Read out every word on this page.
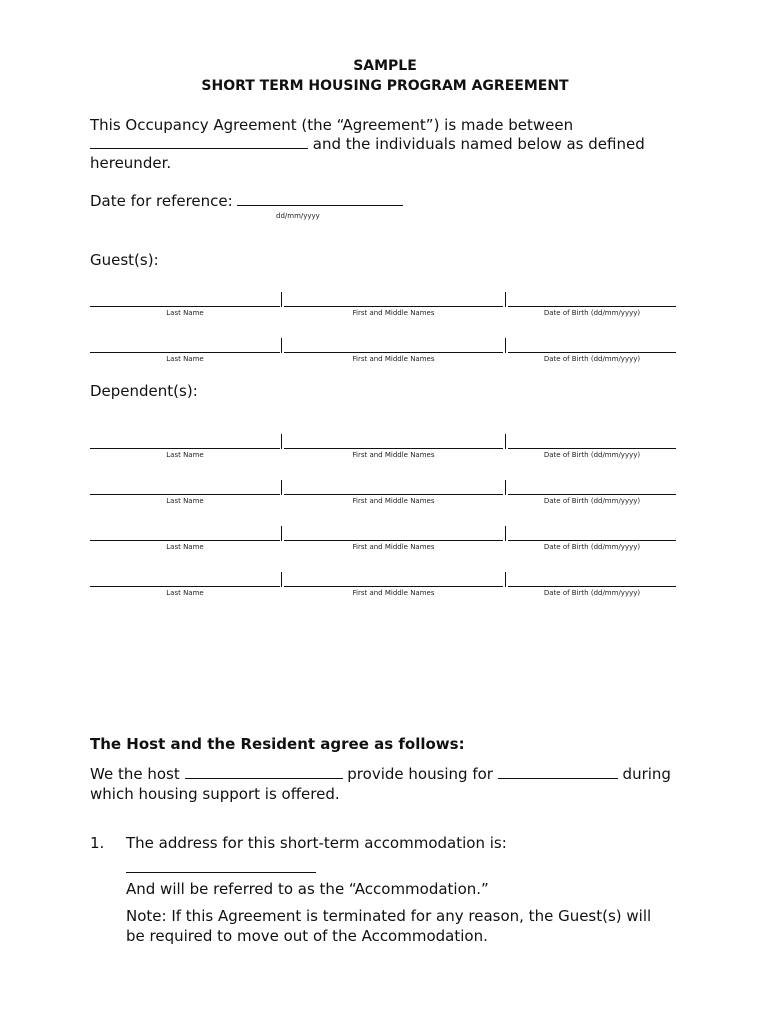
SAMPLE
SHORT TERM HOUSING PROGRAM AGREEMENT
This Occupancy Agreement (the “Agreement”) is made between
and the individuals named below as defined
hereunder.
Date for reference:
dd/mm/yyyy
Guest(s):
Last Name	First and Middle Names	Date of Birth (dd/mm/yyyy)
Last Name	First and Middle Names	Date of Birth (dd/mm/yyyy)
Dependent(s):
Last Name	First and Middle Names	Date of Birth (dd/mm/yyyy)
Last Name	First and Middle Names	Date of Birth (dd/mm/yyyy)
Last Name	First and Middle Names	Date of Birth (dd/mm/yyyy)
Last Name	First and Middle Names	Date of Birth (dd/mm/yyyy)
The Host and the Resident agree as follows:
We the host	provide housing for	during
which housing support is offered.
1. The address for this short-term accommodation is:
And will be referred to as the “Accommodation.”
Note: If this Agreement is terminated for any reason, the Guest(s) will
be required to move out of the Accommodation.
